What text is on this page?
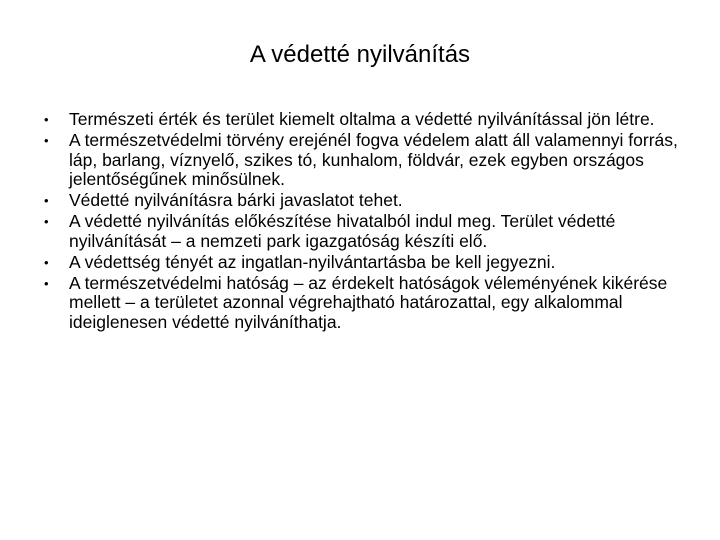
A védetté nyilvánítás
•	Természeti érték és terület kiemelt oltalma a védetté nyilvánítással jön létre.
•	A természetvédelmi törvény erejénél fogva védelem alatt áll valamennyi forrás, láp, barlang, víznyelő, szikes tó, kunhalom, földvár, ezek egyben országos jelentőségűnek minősülnek.
•	Védetté nyilvánításra bárki javaslatot tehet.
•	A védetté nyilvánítás előkészítése hivatalból indul meg. Terület védetté nyilvánítását – a nemzeti park igazgatóság készíti elő.
•	A védettség tényét az ingatlan-nyilvántartásba be kell jegyezni.
•	A természetvédelmi hatóság – az érdekelt hatóságok véleményének kikérése mellett – a területet azonnal végrehajtható határozattal, egy alkalommal ideiglenesen védetté nyilváníthatja.
